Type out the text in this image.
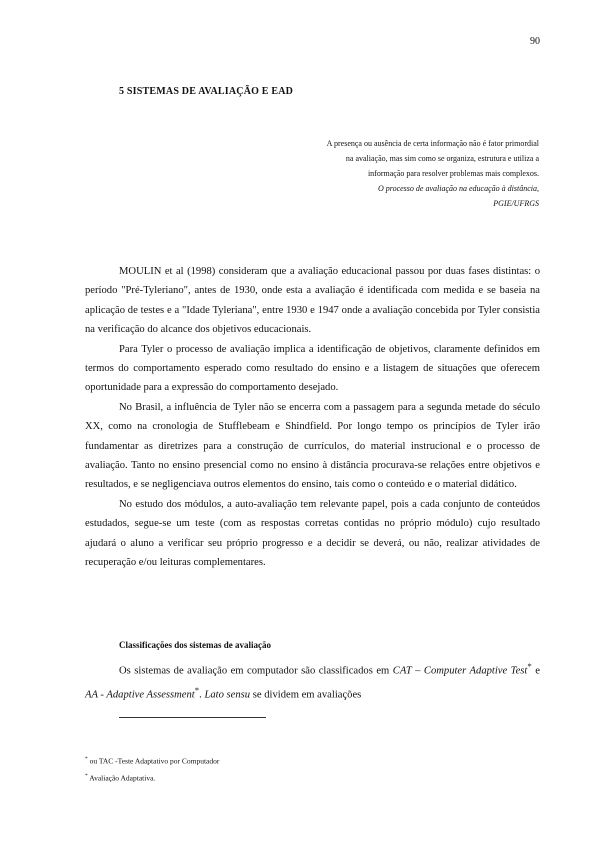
90
5 SISTEMAS DE AVALIAÇÃO E EAD
A presença ou ausência de certa informação não é fator primordial
na avaliação, mas sim como se organiza, estrutura e utiliza a
informação para resolver problemas mais complexos.
O processo de avaliação na educação à distância,
PGIE/UFRGS

MOULIN et al (1998) consideram que a avaliação educacional passou por duas fases distintas: o período "Pré-Tyleriano", antes de 1930, onde esta a avaliação é identificada com medida e se baseia na aplicação de testes e a "Idade Tyleriana", entre 1930 e 1947 onde a avaliação concebida por Tyler consistia na verificação do alcance dos objetivos educacionais.

Para Tyler o processo de avaliação implica a identificação de objetivos, claramente definidos em termos do comportamento esperado como resultado do ensino e a listagem de situações que oferecem oportunidade para a expressão do comportamento desejado.

No Brasil, a influência de Tyler não se encerra com a passagem para a segunda metade do século XX, como na cronologia de Stufflebeam e Shindfield. Por longo tempo os princípios de Tyler irão fundamentar as diretrizes para a construção de currículos, do material instrucional e o processo de avaliação. Tanto no ensino presencial como no ensino à distância procurava-se relações entre objetivos e resultados, e se negligenciava outros elementos do ensino, tais como o conteúdo e o material didático.

No estudo dos módulos, a auto-avaliação tem relevante papel, pois a cada conjunto de conteúdos estudados, segue-se um teste (com as respostas corretas contidas no próprio módulo) cujo resultado ajudará o aluno a verificar seu próprio progresso e a decidir se deverá, ou não, realizar atividades de recuperação e/ou leituras complementares.

Classificações dos sistemas de avaliação
Os sistemas de avaliação em computador são classificados em CAT – Computer Adaptive Test* e AA - Adaptive Assessment*. Lato sensu se dividem em avaliações
* ou TAC -Teste Adaptativo por Computador
* Avaliação Adaptativa.
